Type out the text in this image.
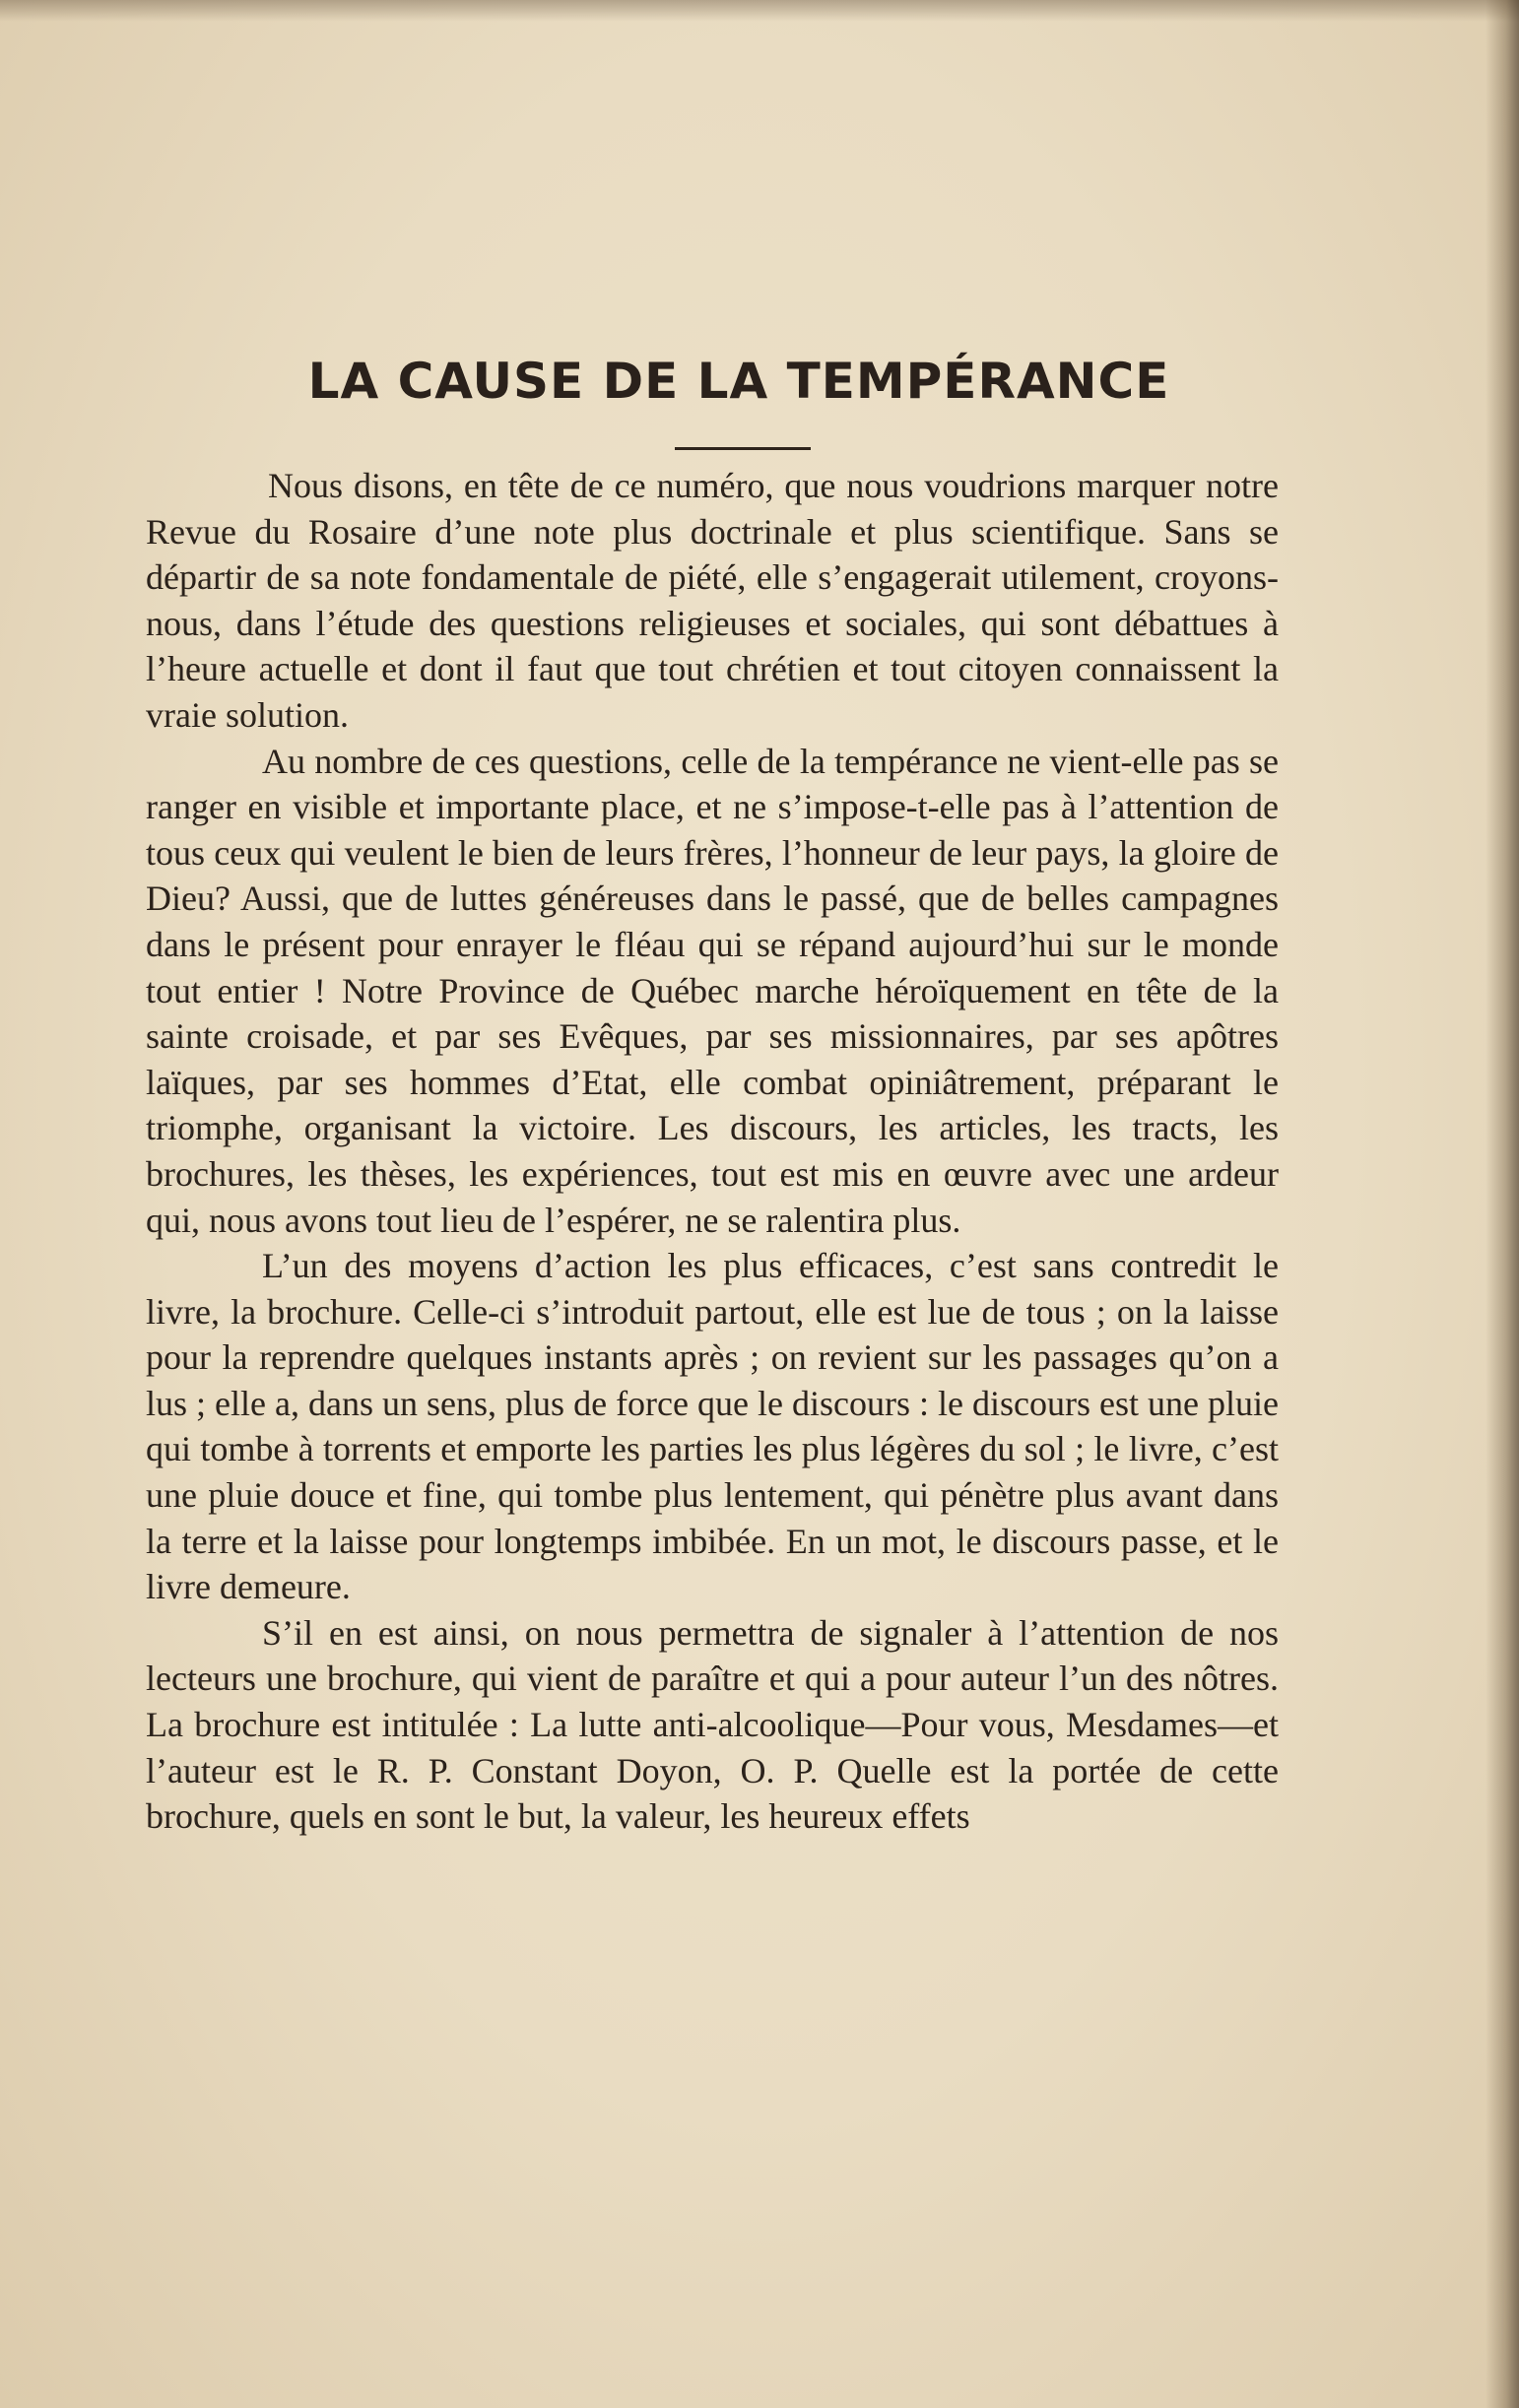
LA CAUSE DE LA TEMPÉRANCE

Nous disons, en tête de ce numéro, que nous voudrions marquer notre Revue du Rosaire d’une note plus doctrinale et plus scientifique. Sans se départir de sa note fondamentale de piété, elle s’engagerait utilement, croyons-nous, dans l’étude des questions religieuses et sociales, qui sont débattues à l’heure actuelle et dont il faut que tout chrétien et tout citoyen connaissent la vraie solution.

Au nombre de ces questions, celle de la tempérance ne vient-elle pas se ranger en visible et importante place, et ne s’impose-t-elle pas à l’attention de tous ceux qui veulent le bien de leurs frères, l’honneur de leur pays, la gloire de Dieu? Aussi, que de luttes généreuses dans le passé, que de belles campagnes dans le présent pour enrayer le fléau qui se répand aujourd’hui sur le monde tout entier ! Notre Province de Québec marche héroïquement en tête de la sainte croisade, et par ses Evêques, par ses missionnaires, par ses apôtres laïques, par ses hommes d’Etat, elle combat opiniâtrement, préparant le triomphe, organisant la victoire. Les discours, les articles, les tracts, les brochures, les thèses, les expériences, tout est mis en œuvre avec une ardeur qui, nous avons tout lieu de l’espérer, ne se ralentira plus.

L’un des moyens d’action les plus efficaces, c’est sans contredit le livre, la brochure. Celle-ci s’introduit partout, elle est lue de tous ; on la laisse pour la reprendre quelques instants après ; on revient sur les passages qu’on a lus ; elle a, dans un sens, plus de force que le discours : le discours est une pluie qui tombe à torrents et emporte les parties les plus légères du sol ; le livre, c’est une pluie douce et fine, qui tombe plus lentement, qui pénètre plus avant dans la terre et la laisse pour longtemps imbibée. En un mot, le discours passe, et le livre demeure.

S’il en est ainsi, on nous permettra de signaler à l’attention de nos lecteurs une brochure, qui vient de paraître et qui a pour auteur l’un des nôtres. La brochure est intitulée : La lutte anti-alcoolique—Pour vous, Mesdames—et l’auteur est le R. P. Constant Doyon, O. P. Quelle est la portée de cette brochure, quels en sont le but, la valeur, les heureux effets
